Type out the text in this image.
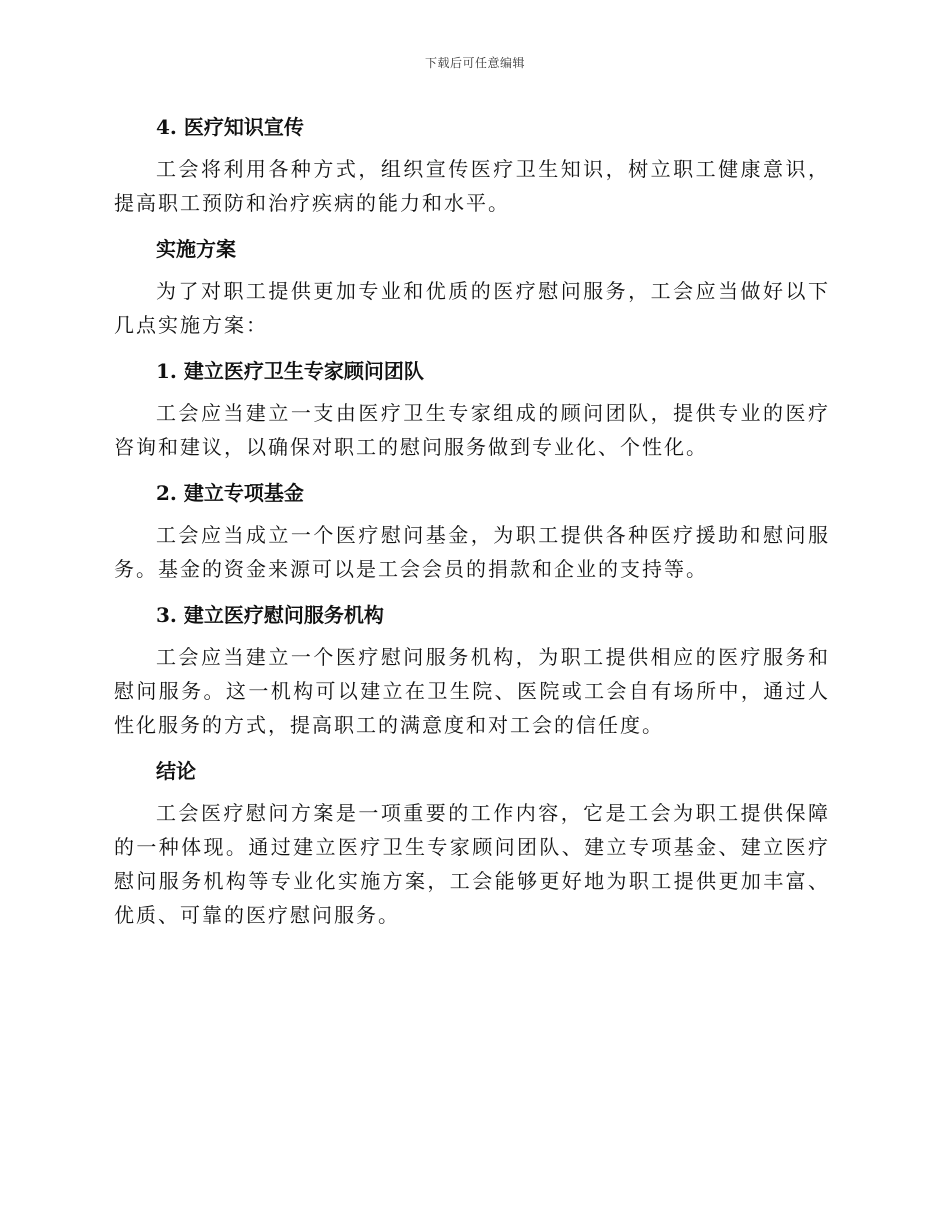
下载后可任意编辑
4. 医疗知识宣传

工会将利用各种方式，组织宣传医疗卫生知识，树立职工健康意识，提高职工预防和治疗疾病的能力和水平。

实施方案

为了对职工提供更加专业和优质的医疗慰问服务，工会应当做好以下几点实施方案：

1. 建立医疗卫生专家顾问团队

工会应当建立一支由医疗卫生专家组成的顾问团队，提供专业的医疗咨询和建议，以确保对职工的慰问服务做到专业化、个性化。

2. 建立专项基金

工会应当成立一个医疗慰问基金，为职工提供各种医疗援助和慰问服务。基金的资金来源可以是工会会员的捐款和企业的支持等。

3. 建立医疗慰问服务机构

工会应当建立一个医疗慰问服务机构，为职工提供相应的医疗服务和慰问服务。这一机构可以建立在卫生院、医院或工会自有场所中，通过人性化服务的方式，提高职工的满意度和对工会的信任度。

结论

工会医疗慰问方案是一项重要的工作内容，它是工会为职工提供保障的一种体现。通过建立医疗卫生专家顾问团队、建立专项基金、建立医疗慰问服务机构等专业化实施方案，工会能够更好地为职工提供更加丰富、优质、可靠的医疗慰问服务。
